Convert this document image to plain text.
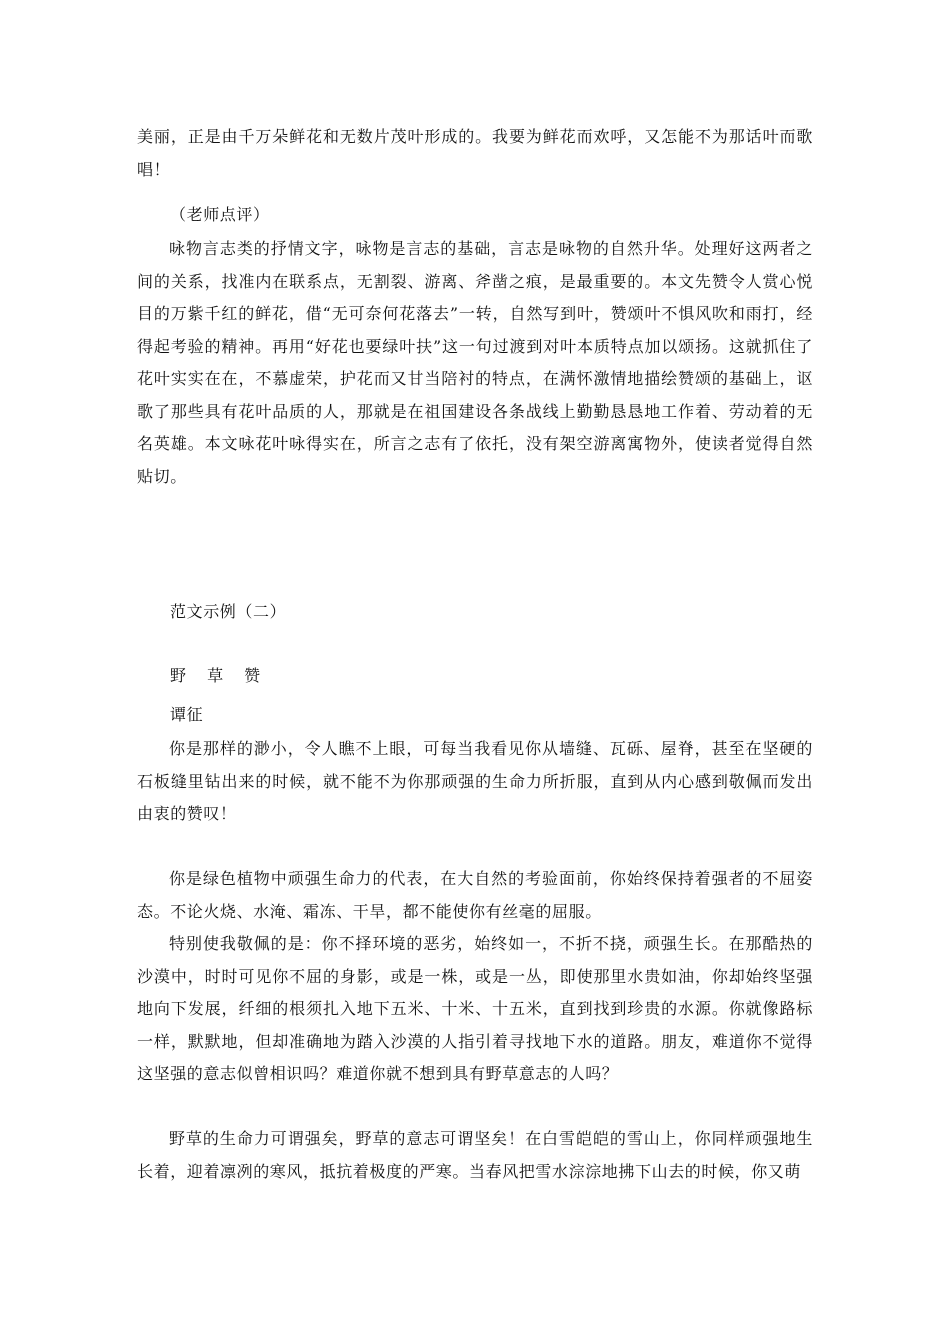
美丽，正是由千万朵鲜花和无数片茂叶形成的。我要为鲜花而欢呼，又怎能不为那话叶而歌唱！
（老师点评）
咏物言志类的抒情文字，咏物是言志的基础，言志是咏物的自然升华。处理好这两者之间的关系，找准内在联系点，无割裂、游离、斧凿之痕，是最重要的。本文先赞令人赏心悦目的万紫千红的鲜花，借“无可奈何花落去”一转，自然写到叶，赞颂叶不惧风吹和雨打，经得起考验的精神。再用“好花也要绿叶扶”这一句过渡到对叶本质特点加以颂扬。这就抓住了花叶实实在在，不慕虚荣，护花而又甘当陪衬的特点，在满怀激情地描绘赞颂的基础上，讴歌了那些具有花叶品质的人，那就是在祖国建设各条战线上勤勤恳恳地工作着、劳动着的无名英雄。本文咏花叶咏得实在，所言之志有了依托，没有架空游离寓物外，使读者觉得自然贴切。
范文示例（二）
野 草 赞
谭征
你是那样的渺小，令人瞧不上眼，可每当我看见你从墙缝、瓦砾、屋脊，甚至在坚硬的石板缝里钻出来的时候，就不能不为你那顽强的生命力所折服，直到从内心感到敬佩而发出由衷的赞叹！
你是绿色植物中顽强生命力的代表，在大自然的考验面前，你始终保持着强者的不屈姿态。不论火烧、水淹、霜冻、干旱，都不能使你有丝毫的屈服。
特别使我敬佩的是：你不择环境的恶劣，始终如一，不折不挠，顽强生长。在那酷热的沙漠中，时时可见你不屈的身影，或是一株，或是一丛，即使那里水贵如油，你却始终坚强地向下发展，纤细的根须扎入地下五米、十米、十五米，直到找到珍贵的水源。你就像路标一样，默默地，但却准确地为踏入沙漠的人指引着寻找地下水的道路。朋友，难道你不觉得这坚强的意志似曾相识吗？难道你就不想到具有野草意志的人吗？
野草的生命力可谓强矣，野草的意志可谓坚矣！在白雪皑皑的雪山上，你同样顽强地生长着，迎着凛冽的寒风，抵抗着极度的严寒。当春风把雪水淙淙地拂下山去的时候，你又萌
